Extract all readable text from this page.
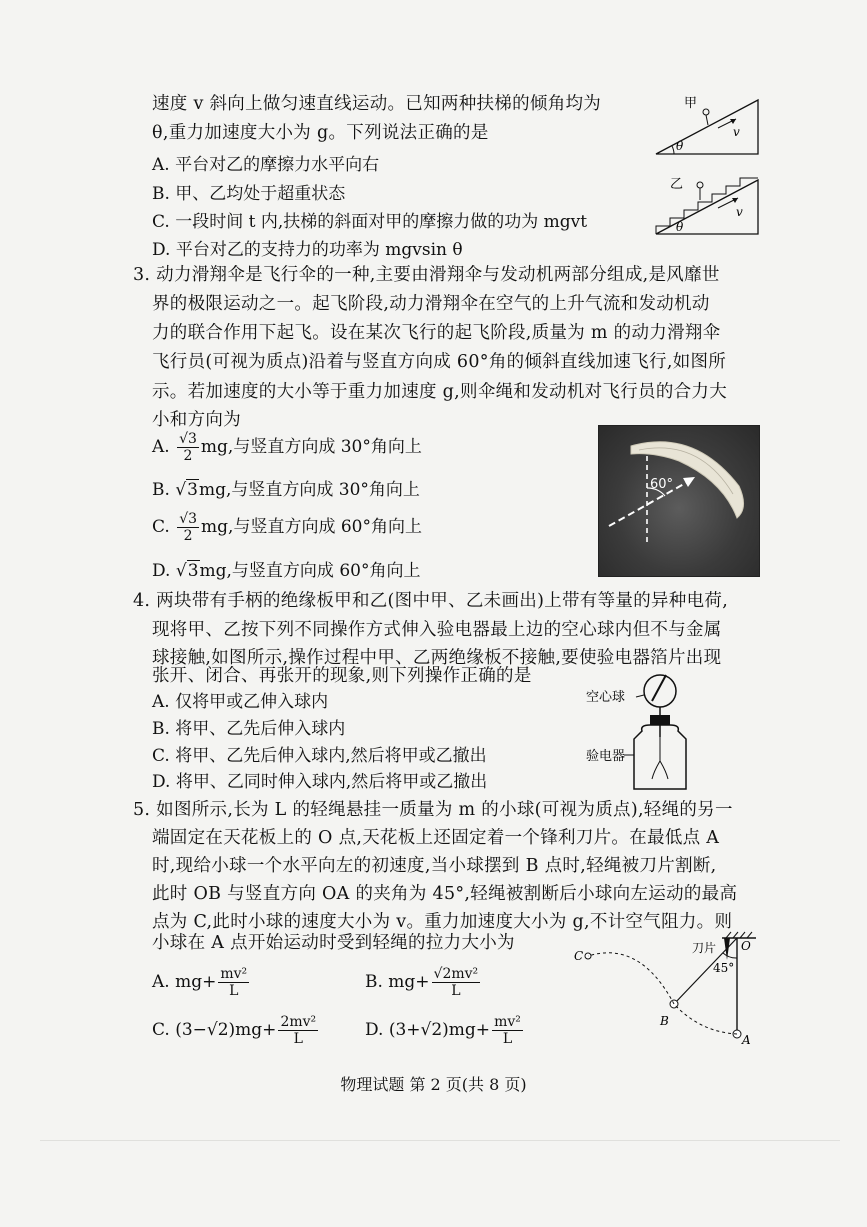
速度 v 斜向上做匀速直线运动。已知两种扶梯的倾角均为
θ,重力加速度大小为 g。下列说法正确的是
A. 平台对乙的摩擦力水平向右
B. 甲、乙均处于超重状态
C. 一段时间 t 内,扶梯的斜面对甲的摩擦力做的功为 mgvt
D. 平台对乙的支持力的功率为 mgvsin θ
甲
v
θ
乙
v
θ
3. 动力滑翔伞是飞行伞的一种,主要由滑翔伞与发动机两部分组成,是风靡世
界的极限运动之一。起飞阶段,动力滑翔伞在空气的上升气流和发动机动
力的联合作用下起飞。设在某次飞行的起飞阶段,质量为 m 的动力滑翔伞
飞行员(可视为质点)沿着与竖直方向成 60°角的倾斜直线加速飞行,如图所
示。若加速度的大小等于重力加速度 g,则伞绳和发动机对飞行员的合力大
小和方向为
A. $\frac{√3}{2}$ mg,与竖直方向成 30°角向上
B. √3mg,与竖直方向成 30°角向上
C. $\frac{√3}{2}$ mg,与竖直方向成 60°角向上
D. √3mg,与竖直方向成 60°角向上
60°
4. 两块带有手柄的绝缘板甲和乙(图中甲、乙未画出)上带有等量的异种电荷,
现将甲、乙按下列不同操作方式伸入验电器最上边的空心球内但不与金属
球接触,如图所示,操作过程中甲、乙两绝缘板不接触,要使验电器箔片出现
张开、闭合、再张开的现象,则下列操作正确的是
A. 仅将甲或乙伸入球内
B. 将甲、乙先后伸入球内
C. 将甲、乙先后伸入球内,然后将甲或乙撤出
D. 将甲、乙同时伸入球内,然后将甲或乙撤出
空心球
验电器
5. 如图所示,长为 L 的轻绳悬挂一质量为 m 的小球(可视为质点),轻绳的另一
端固定在天花板上的 O 点,天花板上还固定着一个锋利刀片。在最低点 A
时,现给小球一个水平向左的初速度,当小球摆到 B 点时,轻绳被刀片割断,
此时 OB 与竖直方向 OA 的夹角为 45°,轻绳被割断后小球向左运动的最高
点为 C,此时小球的速度大小为 v。重力加速度大小为 g,不计空气阻力。则
小球在 A 点开始运动时受到轻绳的拉力大小为
A. $mg+ \frac{\text{mv²}}{L}$	B. $mg+ \frac{\text{√2mv²}}{L}$
C. $(3-√2)mg+ \frac{\text{2mv²}}{L}$	D. $(3+√2)mg+ \frac{\text{mv²}}{L}$
刀片 O
45°
A
B
C
物理试题 第 2 页(共 8 页)
